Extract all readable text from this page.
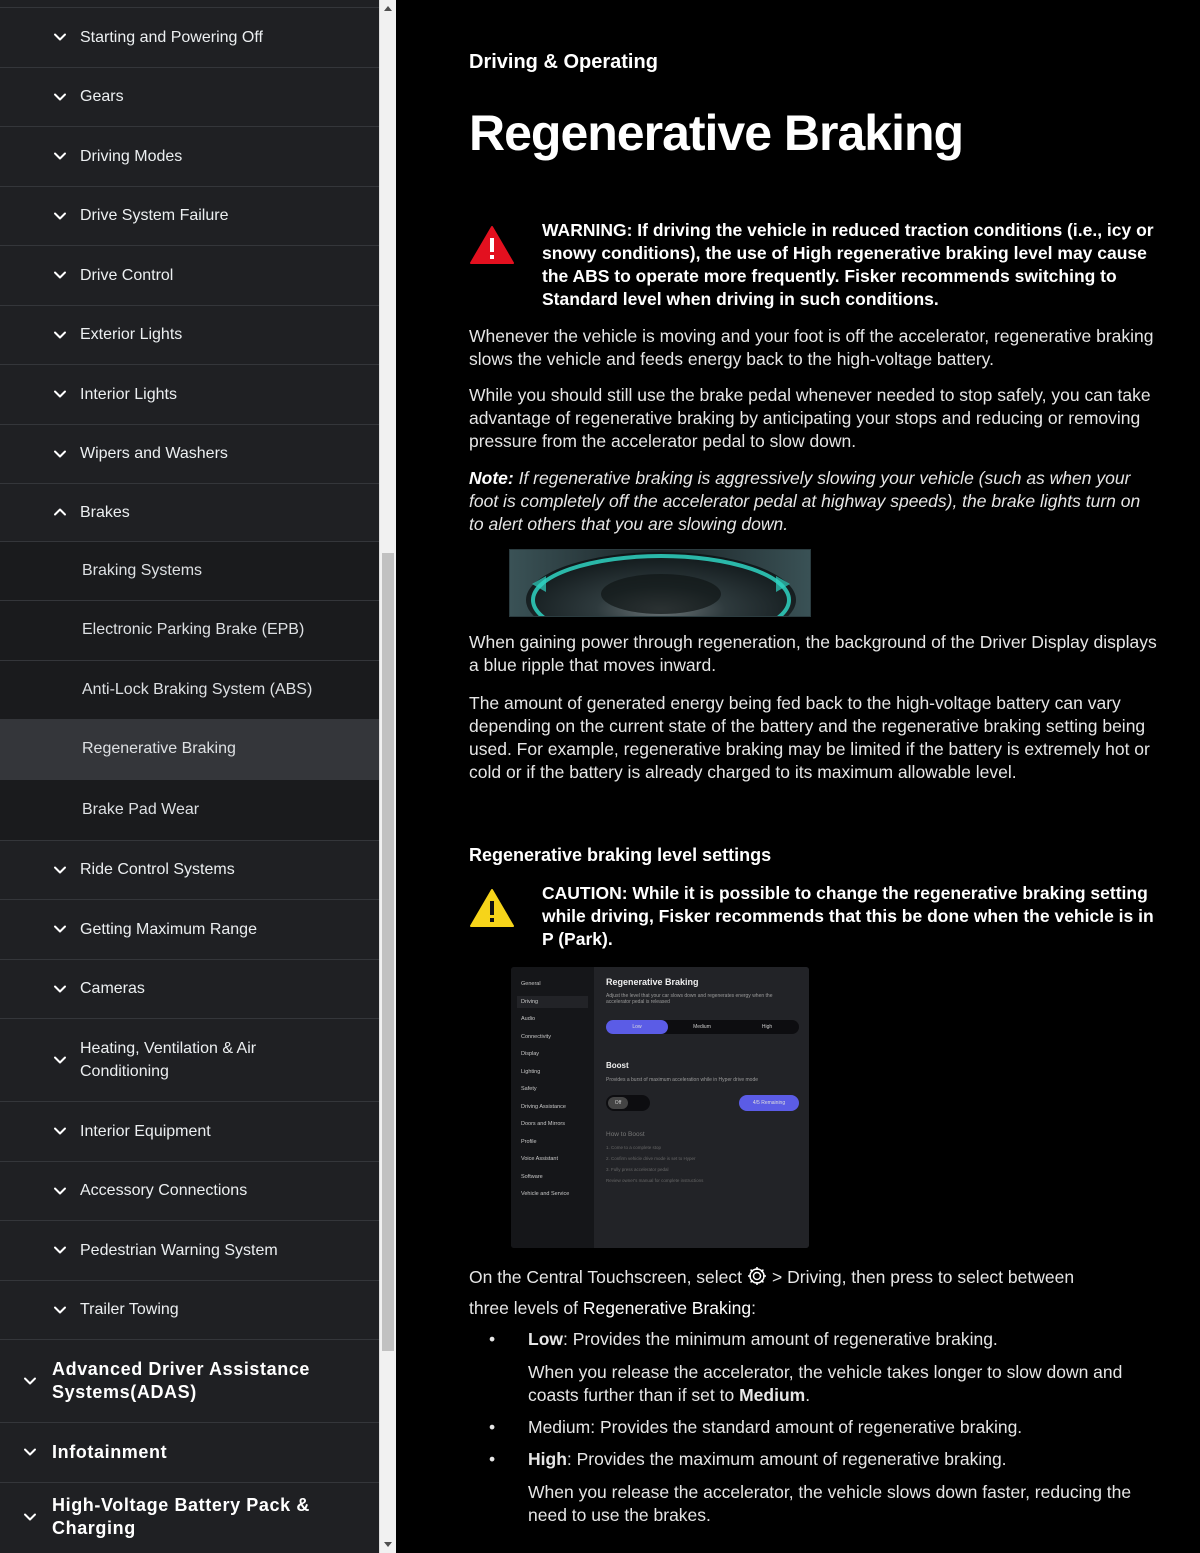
Starting and Powering Off
Gears
Driving Modes
Drive System Failure
Drive Control
Exterior Lights
Interior Lights
Wipers and Washers
Brakes
Braking Systems
Electronic Parking Brake (EPB)
Anti-Lock Braking System (ABS)
Regenerative Braking
Brake Pad Wear
Ride Control Systems
Getting Maximum Range
Cameras
Heating, Ventilation & Air Conditioning
Interior Equipment
Accessory Connections
Pedestrian Warning System
Trailer Towing
Advanced Driver Assistance Systems(ADAS)
Infotainment
High-Voltage Battery Pack & Charging
Driving & Operating
Regenerative Braking
WARNING: If driving the vehicle in reduced traction conditions (i.e., icy or snowy conditions), the use of High regenerative braking level may cause the ABS to operate more frequently. Fisker recommends switching to Standard level when driving in such conditions.

Whenever the vehicle is moving and your foot is off the accelerator, regenerative braking slows the vehicle and feeds energy back to the high-voltage battery.

While you should still use the brake pedal whenever needed to stop safely, you can take advantage of regenerative braking by anticipating your stops and reducing or removing pressure from the accelerator pedal to slow down.

Note: If regenerative braking is aggressively slowing your vehicle (such as when your foot is completely off the accelerator pedal at highway speeds), the brake lights turn on to alert others that you are slowing down.

When gaining power through regeneration, the background of the Driver Display displays a blue ripple that moves inward.

The amount of generated energy being fed back to the high-voltage battery can vary depending on the current state of the battery and the regenerative braking setting being used. For example, regenerative braking may be limited if the battery is extremely hot or cold or if the battery is already charged to its maximum allowable level.

Regenerative braking level settings
CAUTION: While it is possible to change the regenerative braking setting while driving, Fisker recommends that this be done when the vehicle is in P (Park).
General
Driving
Audio
Connectivity
Display
Lighting
Safety
Driving Assistance
Doors and Mirrors
Profile
Voice Assistant
Software
Vehicle and Service
Regenerative Braking
Adjust the level that your car slows down and regenerates energy when the accelerator pedal is released
Low	Medium	High
Boost
Provides a burst of maximum acceleration while in Hyper drive mode
Off	4/5 Remaining
How to Boost
1. Come to a complete stop
2. Confirm vehicle drive mode is set to Hyper
3. Fully press accelerator pedal
Review owner's manual for complete instructions

On the Central Touchscreen, select > Driving, then press to select between
three levels of Regenerative Braking:

• Low: Provides the minimum amount of regenerative braking.
When you release the accelerator, the vehicle takes longer to slow down and coasts further than if set to Medium.
• Medium: Provides the standard amount of regenerative braking.
• High: Provides the maximum amount of regenerative braking.
When you release the accelerator, the vehicle slows down faster, reducing the need to use the brakes.
